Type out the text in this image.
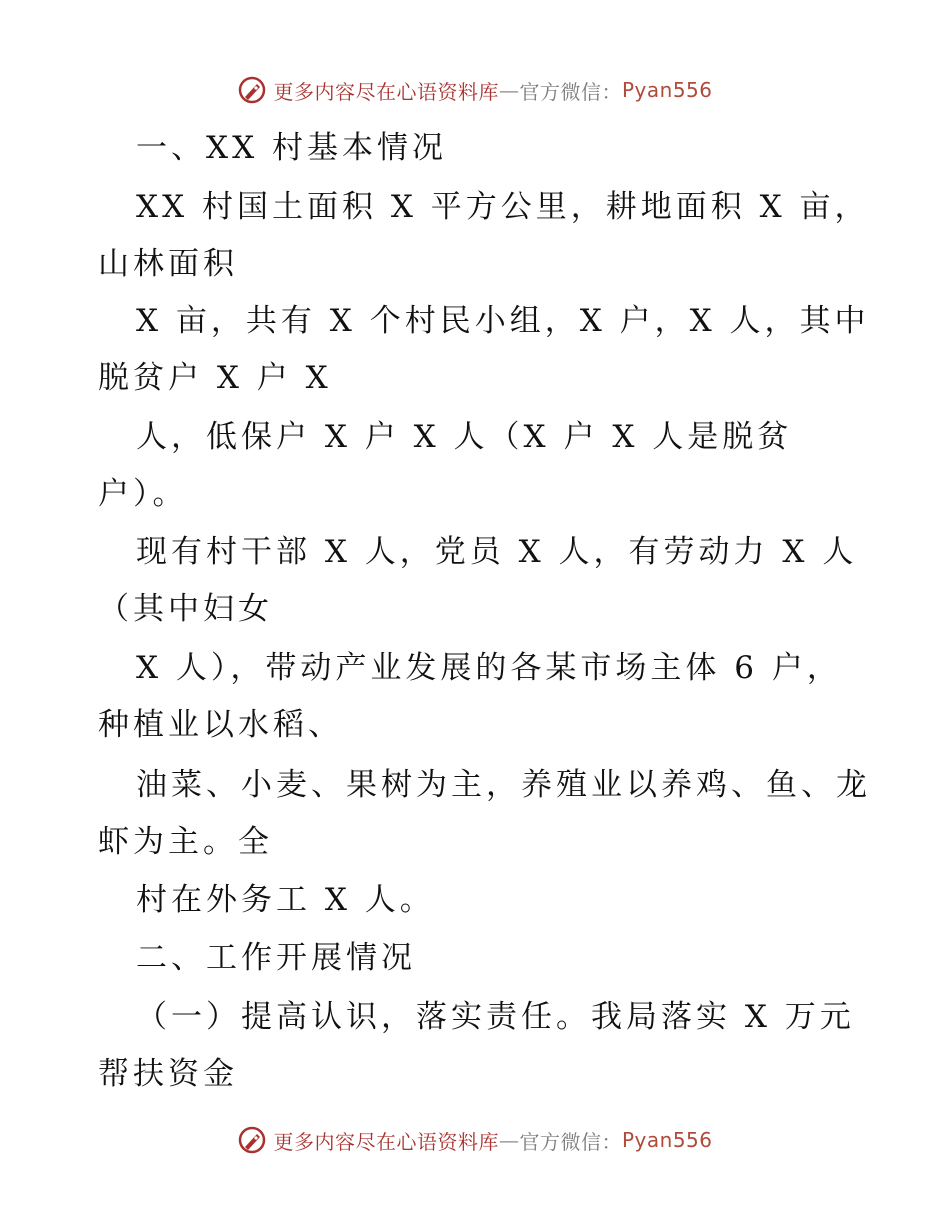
更多内容尽在心语资料库 — 官方微信： Pyan556
一、XX 村基本情况
XX 村国土面积 X 平方公里，耕地面积 X 亩，
山林面积
X 亩，共有 X 个村民小组，X 户，X 人，其中
脱贫户 X 户 X
人，低保户 X 户 X 人（X 户 X 人是脱贫
户）。
现有村干部 X 人，党员 X 人，有劳动力 X 人
（其中妇女
X 人），带动产业发展的各某市场主体 6 户，
种植业以水稻、
油菜、小麦、果树为主，养殖业以养鸡、鱼、龙
虾为主。全
村在外务工 X 人。
二、工作开展情况
（一）提高认识，落实责任。我局落实 X 万元
帮扶资金
更多内容尽在心语资料库 — 官方微信： Pyan556
